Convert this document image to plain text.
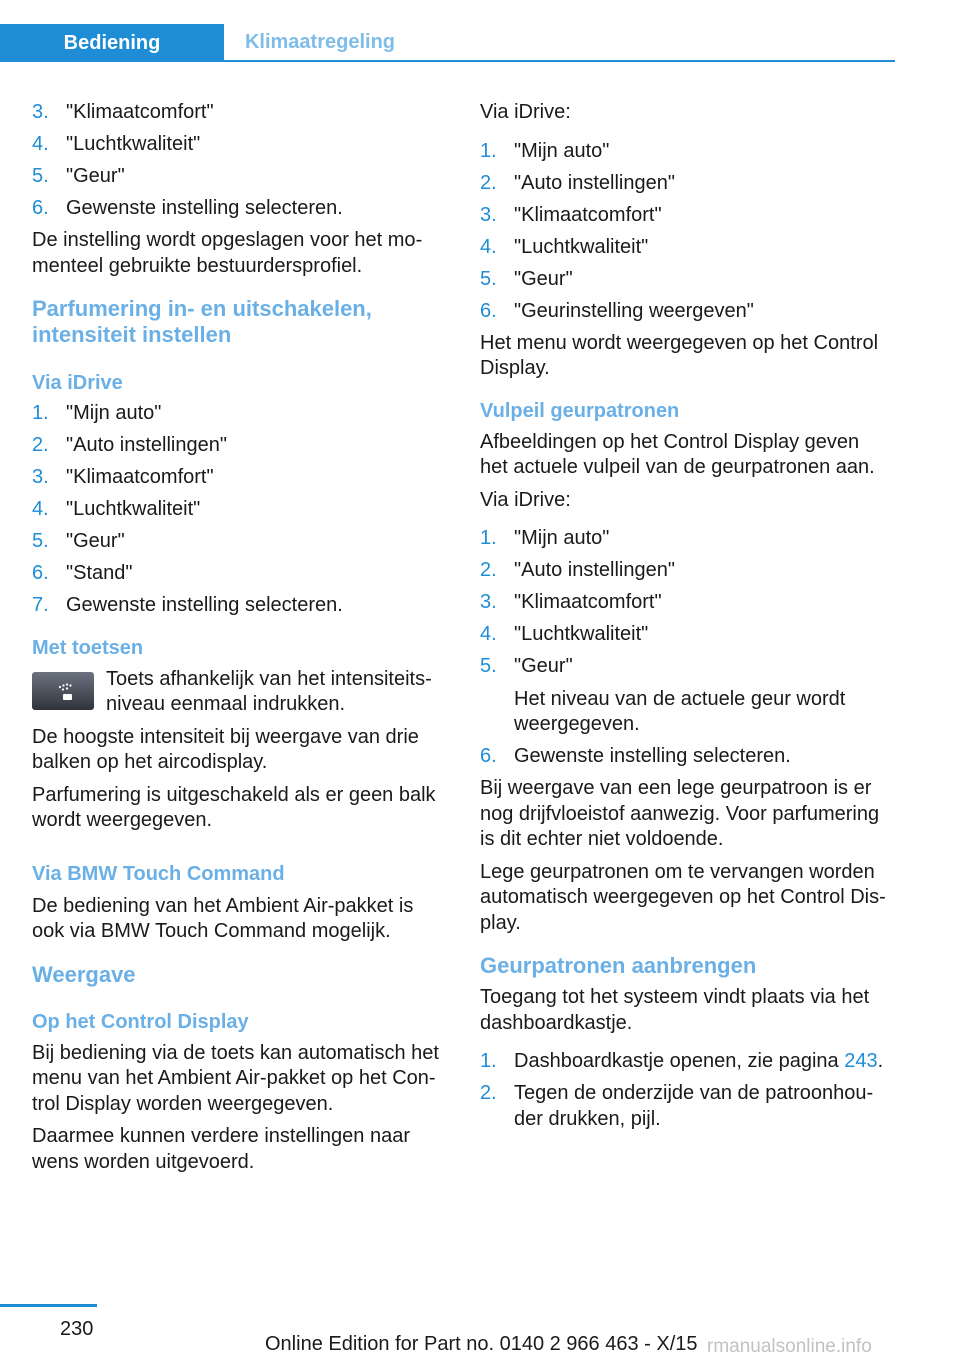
Bediening	Klimaatregeling
3. "Klimaatcomfort"
4. "Luchtkwaliteit"
5. "Geur"
6. Gewenste instelling selecteren.

De instelling wordt opgeslagen voor het momenteel gebruikte bestuurdersprofiel.

Parfumering in- en uitschakelen, intensiteit instellen
Via iDrive
1. "Mijn auto"
2. "Auto instellingen"
3. "Klimaatcomfort"
4. "Luchtkwaliteit"
5. "Geur"
6. "Stand"
7. Gewenste instelling selecteren.
Met toetsen
Toets afhankelijk van het intensiteitsniveau eenmaal indrukken.

De hoogste intensiteit bij weergave van drie balken op het aircodisplay.

Parfumering is uitgeschakeld als er geen balk wordt weergegeven.

Via BMW Touch Command

De bediening van het Ambient Air-pakket is ook via BMW Touch Command mogelijk.

Weergave
Op het Control Display

Bij bediening via de toets kan automatisch het menu van het Ambient Air-pakket op het Control Display worden weergegeven.

Daarmee kunnen verdere instellingen naar wens worden uitgevoerd.

Via iDrive:

1. "Mijn auto"
2. "Auto instellingen"
3. "Klimaatcomfort"
4. "Luchtkwaliteit"
5. "Geur"
6. "Geurinstelling weergeven"

Het menu wordt weergegeven op het Control Display.

Vulpeil geurpatronen

Afbeeldingen op het Control Display geven het actuele vulpeil van de geurpatronen aan.

Via iDrive:

1. "Mijn auto"
2. "Auto instellingen"
3. "Klimaatcomfort"
4. "Luchtkwaliteit"
5. "Geur"
Het niveau van de actuele geur wordt weergegeven.
6. Gewenste instelling selecteren.

Bij weergave van een lege geurpatroon is er nog drijfvloeistof aanwezig. Voor parfumering is dit echter niet voldoende.

Lege geurpatronen om te vervangen worden automatisch weergegeven op het Control Display.

Geurpatronen aanbrengen

Toegang tot het systeem vindt plaats via het dashboardkastje.

1. Dashboardkastje openen, zie pagina 243.
2. Tegen de onderzijde van de patroonhouder drukken, pijl.
230
Online Edition for Part no. 0140 2 966 463 - X/15 rmanualsonline.info
